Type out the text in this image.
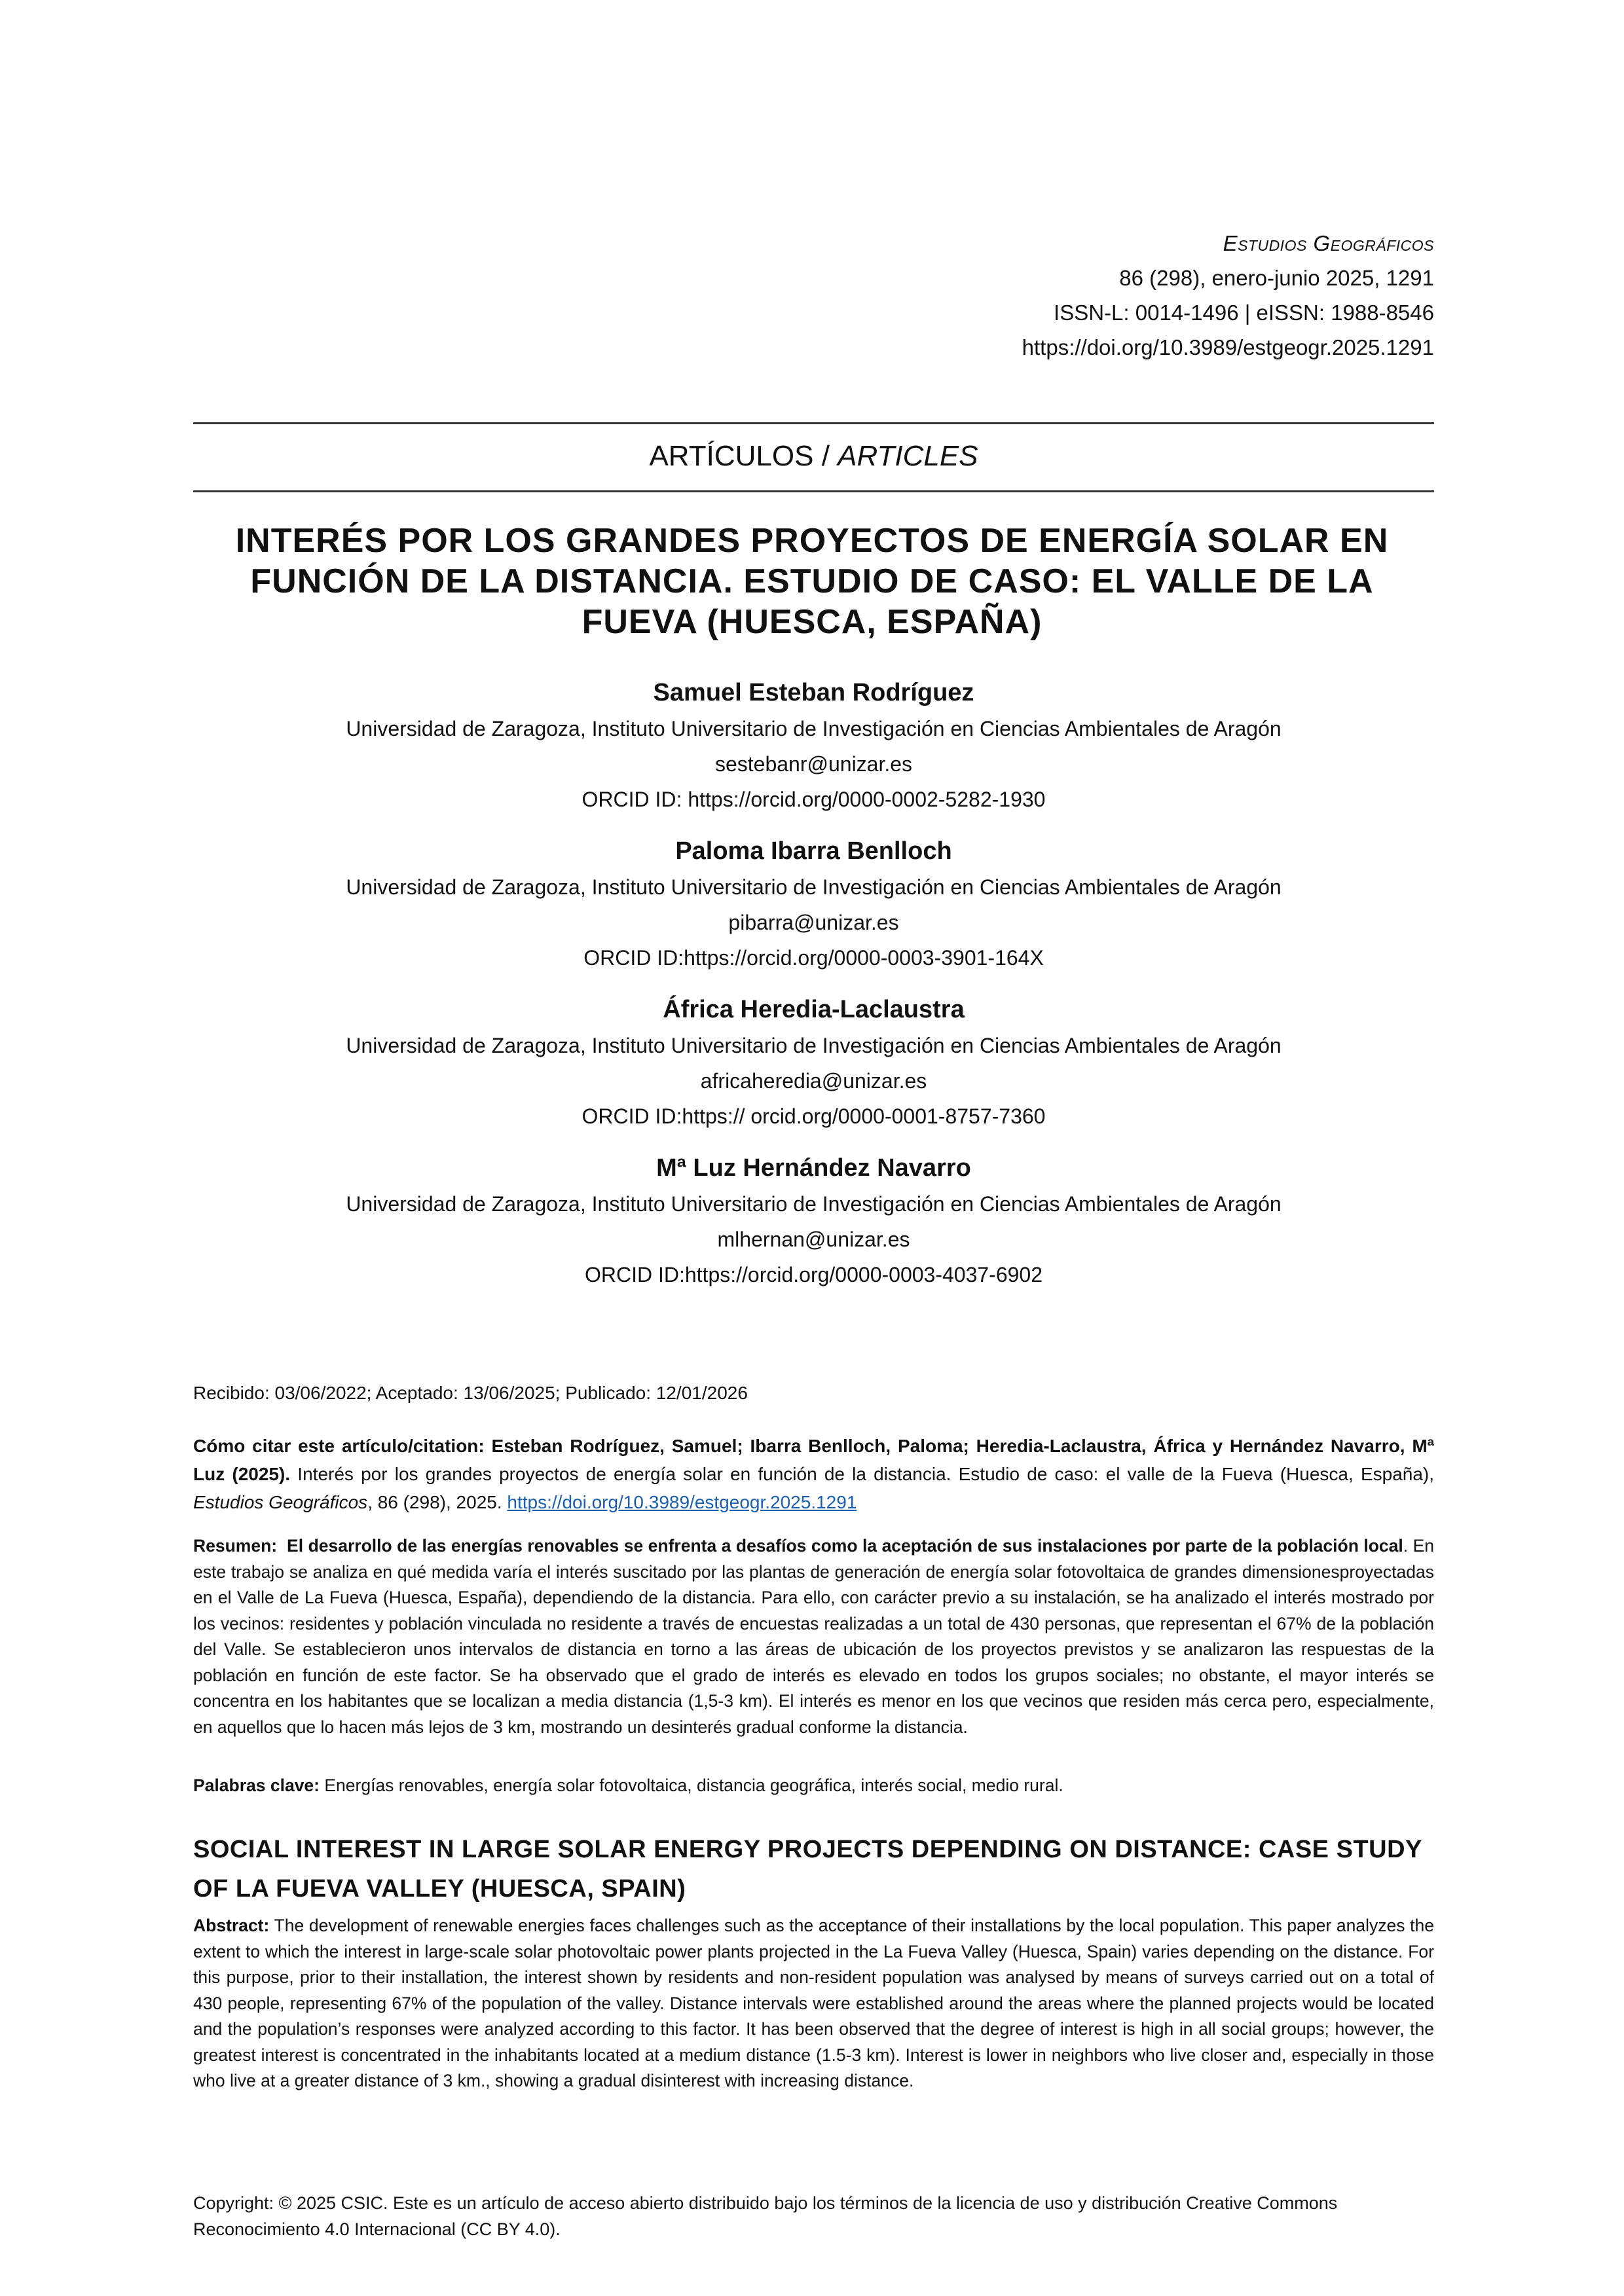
Estudios Geográficos
86 (298), enero-junio 2025, 1291
ISSN-L: 0014-1496 | eISSN: 1988-8546
https://doi.org/10.3989/estgeogr.2025.1291
ARTÍCULOS / ARTICLES
INTERÉS POR LOS GRANDES PROYECTOS DE ENERGÍA SOLAR EN FUNCIÓN DE LA DISTANCIA. ESTUDIO DE CASO: EL VALLE DE LA FUEVA (HUESCA, ESPAÑA)
Samuel Esteban Rodríguez
Universidad de Zaragoza, Instituto Universitario de Investigación en Ciencias Ambientales de Aragón
sestebanr@unizar.es
ORCID ID: https://orcid.org/0000-0002-5282-1930
Paloma Ibarra Benlloch
Universidad de Zaragoza, Instituto Universitario de Investigación en Ciencias Ambientales de Aragón
pibarra@unizar.es
ORCID ID:https://orcid.org/0000-0003-3901-164X
África Heredia-Laclaustra
Universidad de Zaragoza, Instituto Universitario de Investigación en Ciencias Ambientales de Aragón
africaheredia@unizar.es
ORCID ID:https:// orcid.org/0000-0001-8757-7360
Mª Luz Hernández Navarro
Universidad de Zaragoza, Instituto Universitario de Investigación en Ciencias Ambientales de Aragón
mlhernan@unizar.es
ORCID ID:https://orcid.org/0000-0003-4037-6902
Recibido: 03/06/2022; Aceptado: 13/06/2025; Publicado: 12/01/2026
Cómo citar este artículo/citation: Esteban Rodríguez, Samuel; Ibarra Benlloch, Paloma; Heredia-Laclaustra, África y Hernández Navarro, Mª Luz (2025). Interés por los grandes proyectos de energía solar en función de la distancia. Estudio de caso: el valle de la Fueva (Huesca, España), Estudios Geográficos, 86 (298), 2025. https://doi.org/10.3989/estgeogr.2025.1291
Resumen:  El desarrollo de las energías renovables se enfrenta a desafíos como la aceptación de sus instalaciones por parte de la población local. En este trabajo se analiza en qué medida varía el interés suscitado por las plantas de generación de energía solar fotovoltaica de grandes dimensionesproyectadas en el Valle de La Fueva (Huesca, España), dependiendo de la distancia. Para ello, con carácter previo a su instalación, se ha analizado el interés mostrado por los vecinos: residentes y población vinculada no residente a través de encuestas realizadas a un total de 430 personas, que representan el 67% de la población del Valle. Se establecieron unos intervalos de distancia en torno a las áreas de ubicación de los proyectos previstos y se analizaron las respuestas de la población en función de este factor. Se ha observado que el grado de interés es elevado en todos los grupos sociales; no obstante, el mayor interés se concentra en los habitantes que se localizan a media distancia (1,5-3 km). El interés es menor en los que vecinos que residen más cerca pero, especialmente, en aquellos que lo hacen más lejos de 3 km, mostrando un desinterés gradual conforme la distancia.
Palabras clave: Energías renovables, energía solar fotovoltaica, distancia geográfica, interés social, medio rural.
SOCIAL INTEREST IN LARGE SOLAR ENERGY PROJECTS DEPENDING ON DISTANCE: CASE STUDY OF LA FUEVA VALLEY (HUESCA, SPAIN)
Abstract: The development of renewable energies faces challenges such as the acceptance of their installations by the local population. This paper analyzes the extent to which the interest in large-scale solar photovoltaic power plants projected in the La Fueva Valley (Huesca, Spain) varies depending on the distance. For this purpose, prior to their installation, the interest shown by residents and non-resident population was analysed by means of surveys carried out on a total of 430 people, representing 67% of the population of the valley. Distance intervals were established around the areas where the planned projects would be located and the population’s responses were analyzed according to this factor. It has been observed that the degree of interest is high in all social groups; however, the greatest interest is concentrated in the inhabitants located at a medium distance (1.5-3 km). Interest is lower in neighbors who live closer and, especially in those who live at a greater distance of 3 km., showing a gradual disinterest with increasing distance.
Copyright: © 2025 CSIC. Este es un artículo de acceso abierto distribuido bajo los términos de la licencia de uso y distribución Creative Commons Reconocimiento 4.0 Internacional (CC BY 4.0).
